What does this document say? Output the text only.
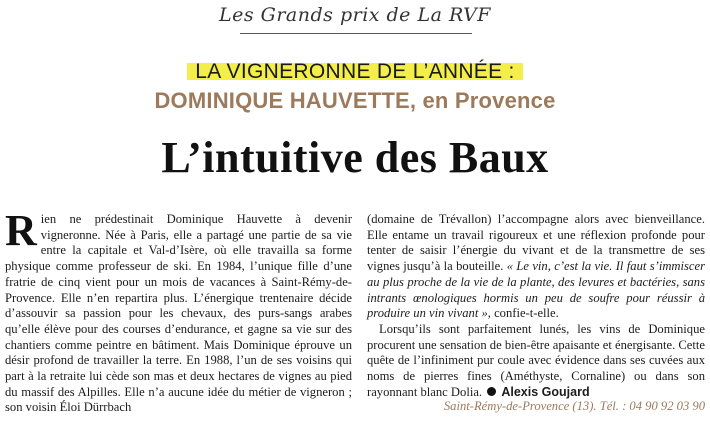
Les Grands prix de La RVF
LA VIGNERONNE DE L’ANNÉE :
DOMINIQUE HAUVETTE, en Provence
L’intuitive des Baux

Rien ne prédestinait Dominique Hauvette à devenir vigneronne. Née à Paris, elle a partagé une partie de sa vie entre la capitale et Val-d’Isère, où elle travailla sa forme physique comme professeur de ski. En 1984, l’unique fille d’une fratrie de cinq vient pour un mois de vacances à Saint-Rémy-de-Provence. Elle n’en repartira plus. L’énergique trentenaire décide d’assouvir sa passion pour les chevaux, des purs-sangs arabes qu’elle élève pour des courses d’endurance, et gagne sa vie sur des chantiers comme peintre en bâtiment. Mais Dominique éprouve un désir profond de travailler la terre. En 1988, l’un de ses voisins qui part à la retraite lui cède son mas et deux hectares de vignes au pied du massif des Alpilles. Elle n’a aucune idée du métier de vigneron ; son voisin Éloi Dürrbach

(domaine de Trévallon) l’accompagne alors avec bienveillance. Elle entame un travail rigoureux et une réflexion profonde pour tenter de saisir l’énergie du vivant et de la transmettre de ses vignes jusqu’à la bouteille. « Le vin, c’est la vie. Il faut s’immiscer au plus proche de la vie de la plante, des levures et bactéries, sans intrants œnologiques hormis un peu de soufre pour réussir à produire un vin vivant », confie-t-elle.

Lorsqu’ils sont parfaitement lunés, les vins de Dominique procurent une sensation de bien-être apaisante et énergisante. Cette quête de l’infiniment pur coule avec évidence dans ses cuvées aux noms de pierres fines (Améthyste, Cornaline) ou dans son rayonnant blanc Dolia.  Alexis Goujard

Saint-Rémy-de-Provence (13). Tél. : 04 90 92 03 90
